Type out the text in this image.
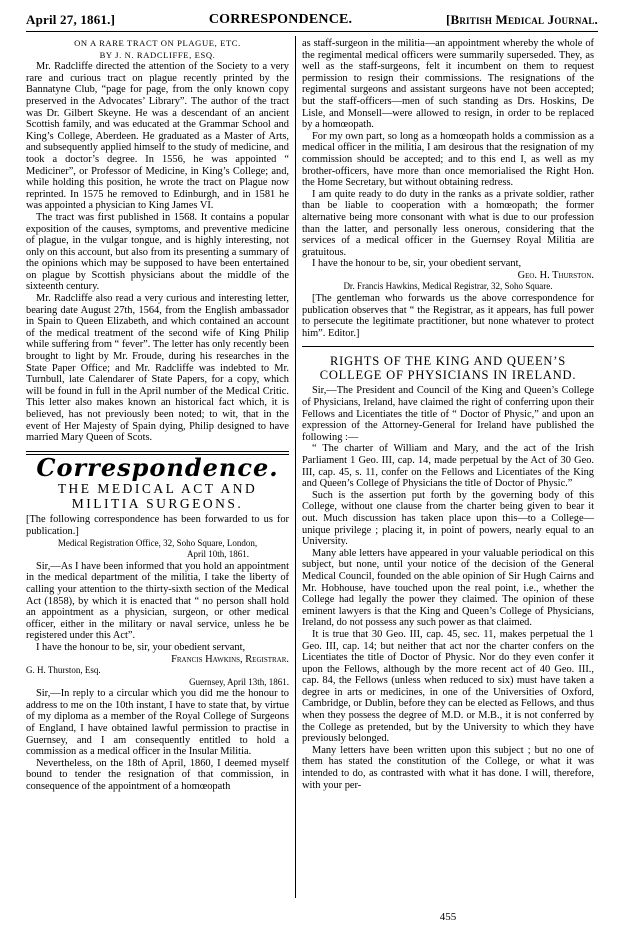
April 27, 1861.]	CORRESPONDENCE.	[British Medical Journal.

ON A RARE TRACT ON PLAGUE, ETC.

BY J. N. RADCLIFFE, ESQ.

Mr. Radcliffe directed the attention of the Society to a very rare and curious tract on plague recently printed by the Bannatyne Club, “page for page, from the only known copy preserved in the Advocates’ Library”. The author of the tract was Dr. Gilbert Skeyne. He was a descendant of an ancient Scottish family, and was educated at the Grammar School and King’s College, Aberdeen. He graduated as a Master of Arts, and subsequently applied himself to the study of medicine, and took a doctor’s degree. In 1556, he was appointed “ Mediciner”, or Professor of Medicine, in King’s College; and, while holding this position, he wrote the tract on Plague now reprinted. In 1575 he removed to Edinburgh, and in 1581 he was appointed a physician to King James VI.

The tract was first published in 1568. It contains a popular exposition of the causes, symptoms, and preventive medicine of plague, in the vulgar tongue, and is highly interesting, not only on this account, but also from its presenting a summary of the opinions which may be supposed to have been entertained on plague by Scottish physicians about the middle of the sixteenth century.

Mr. Radcliffe also read a very curious and interesting letter, bearing date August 27th, 1564, from the English ambassador in Spain to Queen Elizabeth, and which contained an account of the medical treatment of the second wife of King Philip while suffering from “ fever”. The letter has only recently been brought to light by Mr. Froude, during his researches in the State Paper Office; and Mr. Radcliffe was indebted to Mr. Turnbull, late Calendarer of State Papers, for a copy, which will be found in full in the April number of the Medical Critic. This letter also makes known an historical fact which, it is believed, has not previously been noted; to wit, that in the event of Her Majesty of Spain dying, Philip designed to have married Mary Queen of Scots.

Correspondence.

THE MEDICAL ACT AND MILITIA SURGEONS.

[The following correspondence has been forwarded to us for publication.]

Medical Registration Office, 32, Soho Square, London,

April 10th, 1861.

Sir,—As I have been informed that you hold an appointment in the medical department of the militia, I take the liberty of calling your attention to the thirty-sixth section of the Medical Act (1858), by which it is enacted that “ no person shall hold an appointment as a physician, surgeon, or other medical officer, either in the military or naval service, unless he be registered under this Act”.

I have the honour to be, sir, your obedient servant,

Francis Hawkins, Registrar.

G. H. Thurston, Esq.

Guernsey, April 13th, 1861.

Sir,—In reply to a circular which you did me the honour to address to me on the 10th instant, I have to state that, by virtue of my diploma as a member of the Royal College of Surgeons of England, I have obtained lawful permission to practise in Guernsey, and I am consequently entitled to hold a commission as a medical officer in the Insular Militia.

Nevertheless, on the 18th of April, 1860, I deemed myself bound to tender the resignation of that commission, in consequence of the appointment of a homœopath

as staff-surgeon in the militia—an appointment whereby the whole of the regimental medical officers were summarily superseded. They, as well as the staff-surgeons, felt it incumbent on them to request permission to resign their commissions. The resignations of the regimental surgeons and assistant surgeons have not been accepted; but the staff-officers—men of such standing as Drs. Hoskins, De Lisle, and Monsell—were allowed to resign, in order to be replaced by a homœopath.

For my own part, so long as a homœopath holds a commission as a medical officer in the militia, I am desirous that the resignation of my commission should be accepted; and to this end I, as well as my brother-officers, have more than once memorialised the Right Hon. the Home Secretary, but without obtaining redress.

I am quite ready to do duty in the ranks as a private soldier, rather than be liable to cooperation with a homœopath; the former alternative being more consonant with what is due to our profession than the latter, and personally less onerous, considering that the services of a medical officer in the Guernsey Royal Militia are gratuitous.

I have the honour to be, sir, your obedient servant,

Geo. H. Thurston.

Dr. Francis Hawkins, Medical Registrar, 32, Soho Square.

[The gentleman who forwards us the above correspondence for publication observes that “ the Registrar, as it appears, has full power to persecute the legitimate practitioner, but none whatever to protect him”. Editor.]

RIGHTS OF THE KING AND QUEEN’S COLLEGE OF PHYSICIANS IN IRELAND.

Sir,—The President and Council of the King and Queen’s College of Physicians, Ireland, have claimed the right of conferring upon their Fellows and Licentiates the title of “ Doctor of Physic,” and upon an expression of the Attorney-General for Ireland have published the following :—

“ The charter of William and Mary, and the act of the Irish Parliament 1 Geo. III, cap. 14, made perpetual by the Act of 30 Geo. III, cap. 45, s. 11, confer on the Fellows and Licentiates of the King and Queen’s College of Physicians the title of Doctor of Physic.”

Such is the assertion put forth by the governing body of this College, without one clause from the charter being given to bear it out. Much discussion has taken place upon this—to a College—unique privilege ; placing it, in point of powers, nearly equal to an University.

Many able letters have appeared in your valuable periodical on this subject, but none, until your notice of the decision of the General Medical Council, founded on the able opinion of Sir Hugh Cairns and Mr. Hobhouse, have touched upon the real point, i.e., whether the College had legally the power they claimed. The opinion of these eminent lawyers is that the King and Queen’s College of Physicians, Ireland, do not possess any such power as that claimed.

It is true that 30 Geo. III, cap. 45, sec. 11, makes perpetual the 1 Geo. III, cap. 14; but neither that act nor the charter confers on the Licentiates the title of Doctor of Physic. Nor do they even confer it upon the Fellows, although by the more recent act of 40 Geo. III., cap. 84, the Fellows (unless when reduced to six) must have taken a degree in arts or medicines, in one of the Universities of Oxford, Cambridge, or Dublin, before they can be elected as Fellows, and thus when they possess the degree of M.D. or M.B., it is not conferred by the College as pretended, but by the University to which they have previously belonged.

Many letters have been written upon this subject ; but no one of them has stated the constitution of the College, or what it was intended to do, as contrasted with what it has done. I will, therefore, with your per-

455
